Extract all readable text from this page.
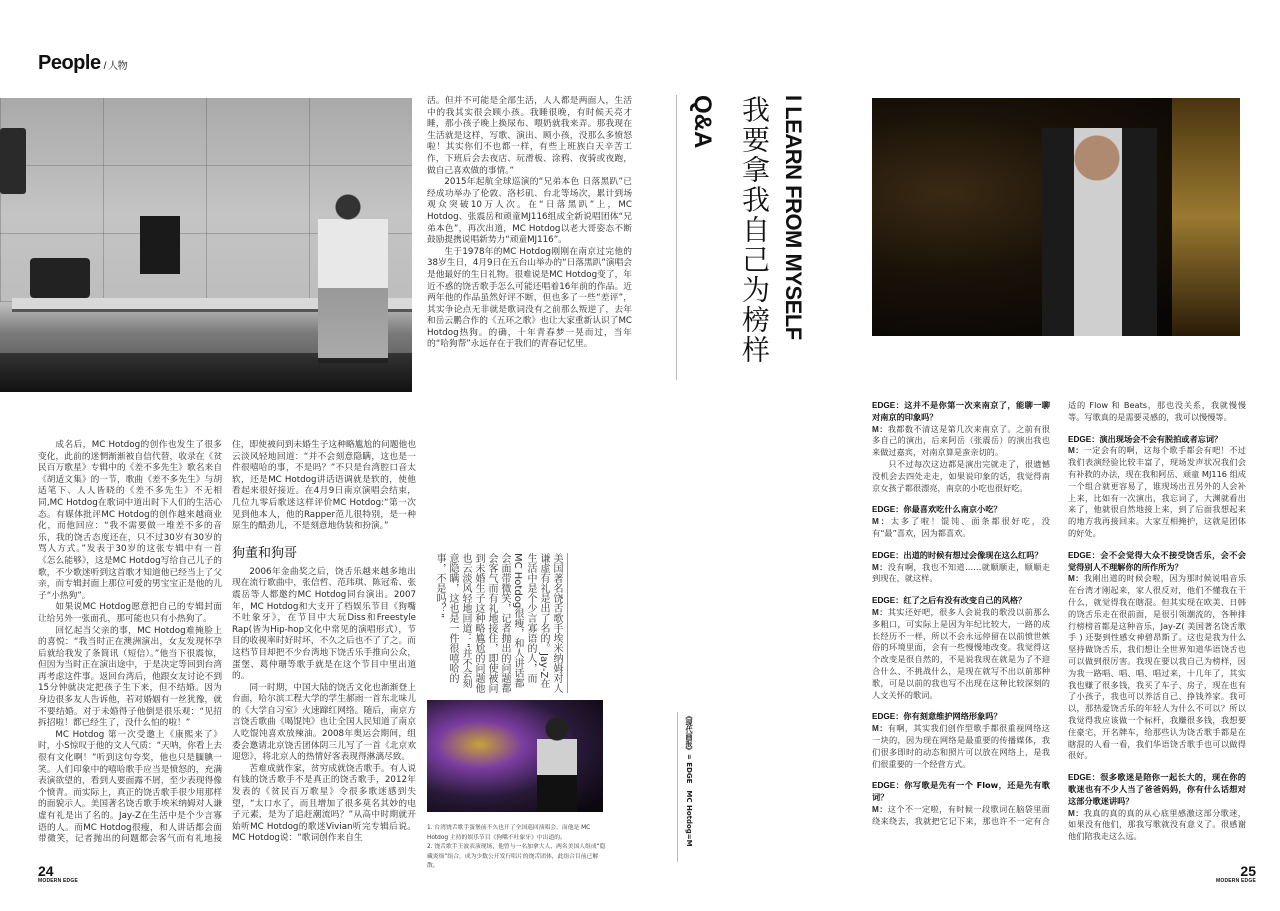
People / 人物

活。但并不可能是全部生活，人人都是两面人，生活中的我其实很会顾小孩。我睡很晚，有时候天亮才睡，那小孩子晚上换尿布、喂奶就我来弄。那我现在生活就是这样，写歌、演出、顾小孩，没那么多愤怒啦！其实你们不也都一样，有些上班族白天辛苦工作，下班后会去夜店、玩滑板、涂鸦、夜骑或夜跑，做自己喜欢做的事情。”

2015年起航全球巡演的“兄弟本色 日落黑趴”已经成功举办了伦敦、洛杉矶、台北等场次，累计到场观众突破10万人次。在“日落黑趴”上，MC Hotdog、张震岳和顽童MJ116组成全新说唱团体“兄弟本色”，再次出道，MC Hotdog以老大哥姿态不断鼓励提携说唱新势力“顽童MJ116”。

生于1978年的MC Hotdog刚刚在南京过完他的38岁生日，4月9日在五台山举办的“日落黑趴”演唱会是他最好的生日礼物。很难说是MC Hotdog变了，年近不惑的饶舌歌手怎么可能还唱着16年前的作品。近两年他的作品虽然好评不断，但也多了一些“差评”，其实争论点无非就是歌词没有之前那么叛逆了，去年和岳云鹏合作的《五环之歌》也让大家重新认识了MC Hotdog热狗。的确，十年青春梦一晃而过，当年的“哈狗帮”永远存在于我们的青春记忆里。

Q&A 我要拿我自己为榜样 I LEARN FROM MYSELF

成名后，MC Hotdog的创作也发生了很多变化，此前的迷惘渐渐被自信代替，收录在《贫民百万歌星》专辑中的《差不多先生》歌名来自《胡适文集》的一节，歌曲《差不多先生》与胡适笔下、人人皆晓的《差不多先生》不无相同,MC Hotdog在歌词中道出时下人们的生活心态。有媒体批评MC Hotdog的创作越来越商业化，而他回应：“我不需要做一堆差不多的音乐，我的饶舌态度还在，只不过30岁有30岁的骂人方式。”发表于30岁的这张专辑中有一首《怎么能够》，这是MC Hotdog写给自己儿子的歌，不少歌迷听到这首歌才知道他已经当上了父亲，而专辑封面上那位可爱的男宝宝正是他的儿子“小热狗”。

如果说MC Hotdog愿意把自己的专辑封面让给另外一张面孔，那可能也只有小热狗了。

回忆起当父亲的事，MC Hotdog难掩脸上的喜悦：“我当时正在澳洲演出，女友发现怀孕后就给我发了条简讯（短信）。”他当下很震惊，但因为当时正在演出途中，于是决定等回到台湾再考虑这件事。返回台湾后，他跟女友讨论不到15分钟就决定把孩子生下来，但不结婚。因为身边很多友人告诉他，若对婚姻有一丝犹豫，就不要结婚。对于未婚得子他倒是很乐观：“见招拆招啦！都已经生了，没什么怕的啦！”

MC Hotdog 第一次受邀上《康熙来了》时，小S惊叹于他的文人气质：“天呐，你看上去很有文化啊！”听到这句夸奖，他也只是腼腆一笑。人们印象中的嘻哈歌手应当是愤怒的，充满表演欲望的，看到人要面露不屑，至少表现得像个愤青。而实际上，真正的饶舌歌手很少用那样的面貌示人。美国著名饶舌歌手埃米纳姆对人谦虚有礼是出了名的。Jay-Z在生活中是个少言寡语的人。而MC Hotdog很瘦，和人讲话都会面带微笑，记者抛出的问题都会客气而有礼地接住，即使被问到未婚生子这种略尴尬的问题他也云淡风轻地回道：“并不会刻意隐瞒，这也是一件很嘻哈的事，不是吗？”不只是台湾腔口音太软，还是MC Hotdog讲话语调就是软的，使他看起来很好接近。在4月9日南京演唱会结束，几位九零后歌迷这样评价MC Hotdog:“第一次见到他本人，他的Rapper范儿很特别，是一种原生的酷劲儿，不是刻意地伪装和扮演。”

狗董和狗哥

2006年金曲奖之后，饶舌乐越来越多地出现在流行歌曲中，张信哲、范玮琪、陈冠希、张震岳等人都邀约MC Hotdog同台演出。2007年，MC Hotdog和大支开了档娱乐节目《狗嘴不吐象牙》，在节目中大玩Diss和Freestyle Rap(皆为Hip-hop文化中常见的演唱形式），节目的收视率时好时坏，不久之后也不了了之。而这档节目却把不少台湾地下饶舌乐手推向公众，蛋堡、葛仲珊等歌手就是在这个节目中里出道的。

同一时期，中国大陆的饶舌文化也渐渐登上台面，哈尔滨工程大学的学生郝雨一首东北味儿的《大学自习室》火速蹿红网络。随后，南京方言饶舌歌曲《喝馄饨》也让全国人民知道了南京人吃馄饨喜欢放辣油。2008年奥运会期间，组委会邀请北京饶舌团体阴三儿写了一首《北京欢迎您》，将北京人的热情好客表现得淋漓尽致。

苦难成就作家，贫穷成就饶舌歌手。有人说有钱的饶舌歌手不是真正的饶舌歌手，2012年发表的《贫民百万歌星》令很多歌迷感到失望，“太口水了，而且增加了很多莫名其妙的电子元素，是为了追赶潮流吗？”从高中时期就开始听MC Hotdog的歌迷Vivian听完专辑后说。MC Hotdog说：“歌词创作来自生

美国著名饶舌歌手埃米纳姆对人谦虚有礼是出了名的。Jay-Z在生活中是个少言寡语的人，而MC Hotdog很瘦，和人讲话都会面带微笑，记者抛出的问题都会客气而有礼地接住，即使被问到未婚生子这种略尴尬的问题他也云淡风轻地回道：“并不会刻意隐瞒，这也是一件很嘻哈的事，不是吗？”
1. 台湾饶舌歌手蛋堡前不久也开了全国巡回演唱会，而他是 MC Hotdog 主持的娱乐节目《狗嘴不吐象牙》中出道的。
2. 饶舌歌手王波表演现场，他曾与一名加拿大人、两名美国人组成“隐藏炎烦”组合，成为少数公开发行唱片的饶舌团体，此组合目前已解散。
《现代画报》= EDGE　MC Hotdog=M

EDGE：这并不是你第一次来南京了，能聊一聊对南京的印象吗？

M：我都数不清这是第几次来南京了。之前有很多自己的演出，后来阿岳（张震岳）的演出我也来做过嘉宾，对南京算是蛮亲切的。

只不过每次这边都是演出完就走了，很遗憾没机会去四处走走，如果说印象的话，我觉得南京女孩子都很漂亮，南京的小吃也很好吃。

EDGE：你最喜欢吃什么南京小吃？

M：太多了啦！馄饨、面条都很好吃，没有“最”喜欢，因为都喜欢。

EDGE：出道的时候有想过会像现在这么红吗？

M：没有啊，我也不知道……就顺顺走，顺顺走到现在，就这样。

EDGE：红了之后有没有改变自己的风格？

M：其实还好吧，很多人会说我的歌没以前那么多粗口，可实际上是因为年纪比较大，一路的成长经历不一样，所以不会永远停留在以前愤世嫉俗的环境里面，会有一些慢慢地改变。我觉得这个改变是很自然的，不是说我现在就是为了不迎合什么、不挑战什么，是现在就写不出以前那种歌，可是以前的我也写不出现在这种比较深刻的人文关怀的歌词。

EDGE：你有刻意维护网络形象吗？

M：有啊，其实我们创作型歌手都很重视网络这一块的，因为现在网络是最重要的传播媒体，我们很多即时的动态和照片可以放在网络上，是我们很重要的一个经营方式。

EDGE：你写歌是先有一个 Flow，还是先有歌词？

M：这个不一定啦，有时候一段歌词在脑袋里面绕来绕去，我就把它记下来，那也许不一定有合适的 Flow 和 Beats，那也没关系，我就慢慢等。写歌真的是需要灵感的，我可以慢慢等。

EDGE：演出现场会不会有脱拍或者忘词？

M：一定会有的啊，这每个歌手都会有吧！不过我们表演经验比较丰富了，现场发声状况我们会有补救的办法，现在我和阿岳、顽童 MJ116 组成一个组合就更容易了，谁现场出丑另外的人会补上来，比如有一次演出，我忘词了，大渊就看出来了，他就很自然地接上来，到了后面我想起来的地方我再接回来。大家互相掩护，这就是团体的好处。

EDGE：会不会觉得大众不接受饶舌乐，会不会觉得别人不理解你的所作所为？

M：我刚出道的时候会啦，因为那时候说唱音乐在台湾才刚起来，家人很反对，他们不懂我在干什么，就觉得我在瞎混。但其实现在欧美、日韩的饶舌乐走在很前面，是很引领潮流的，各种排行榜榜首都是这种音乐，Jay-Z( 美国著名饶舌歌手 ) 还娶到性感女神碧昂斯了。这也是我为什么坚持做饶舌乐，我们想让全世界知道华语饶舌也可以做到很厉害。我现在要以我自己为榜样，因为我一路唱、唱、唱、唱过来，十几年了，其实我也赚了很多钱，我买了车子、房子，现在也有了小孩子，我也可以养活自己、挣钱养家。我可以，那热爱饶舌乐的年轻人为什么不可以？所以我觉得我应该做一个标杆，我赚很多钱，我想要住豪宅，开名牌车，给那些认为饶舌歌手都是在瞎混的人看一看，我们华语饶舌歌手也可以做得很好。

EDGE：很多歌迷是陪你一起长大的，现在你的歌迷也有不少人当了爸爸妈妈，你有什么话想对这部分歌迷讲吗？

M：我真的真的真的从心底里感激这部分歌迷，如果没有他们，那我写歌就没有意义了。很感谢他们陪我走这么远。

24
MODERN EDGE
25
MODERN EDGE
